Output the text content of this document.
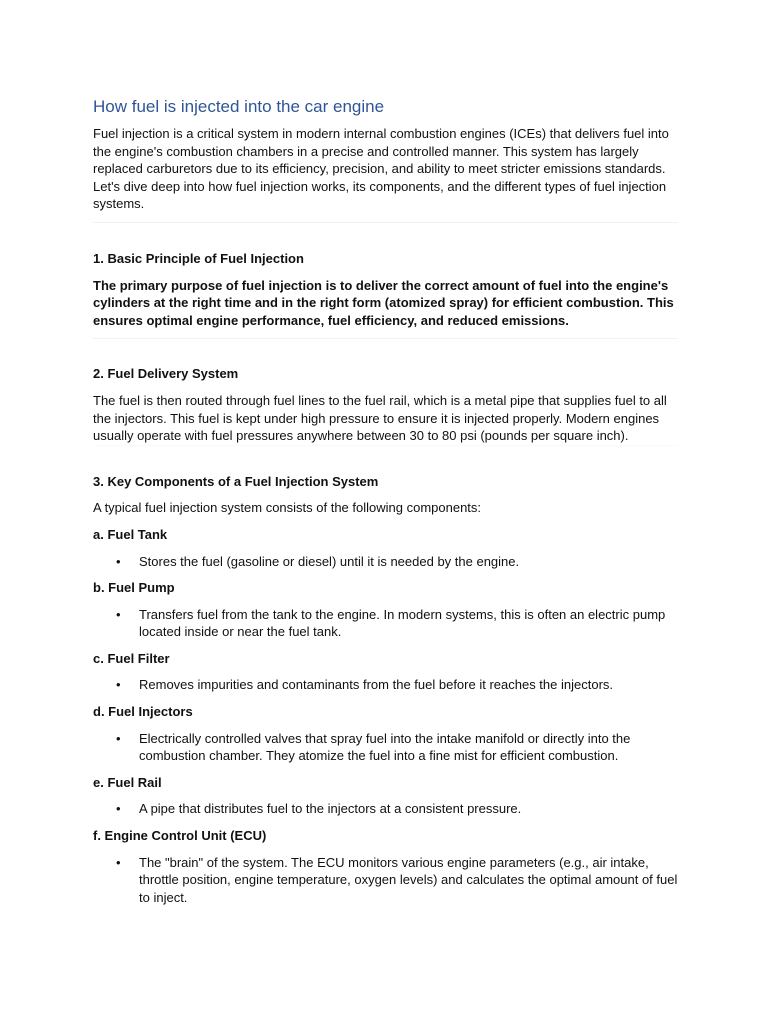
How fuel is injected into the car engine

Fuel injection is a critical system in modern internal combustion engines (ICEs) that delivers fuel into the engine's combustion chambers in a precise and controlled manner. This system has largely replaced carburetors due to its efficiency, precision, and ability to meet stricter emissions standards. Let's dive deep into how fuel injection works, its components, and the different types of fuel injection systems.

1. Basic Principle of Fuel Injection

The primary purpose of fuel injection is to deliver the correct amount of fuel into the engine's cylinders at the right time and in the right form (atomized spray) for efficient combustion. This ensures optimal engine performance, fuel efficiency, and reduced emissions.

2. Fuel Delivery System

The fuel is then routed through fuel lines to the fuel rail, which is a metal pipe that supplies fuel to all the injectors. This fuel is kept under high pressure to ensure it is injected properly. Modern engines usually operate with fuel pressures anywhere between 30 to 80 psi (pounds per square inch).

3. Key Components of a Fuel Injection System

A typical fuel injection system consists of the following components:

a. Fuel Tank

• Stores the fuel (gasoline or diesel) until it is needed by the engine.

b. Fuel Pump

• Transfers fuel from the tank to the engine. In modern systems, this is often an electric pump located inside or near the fuel tank.

c. Fuel Filter

• Removes impurities and contaminants from the fuel before it reaches the injectors.

d. Fuel Injectors

• Electrically controlled valves that spray fuel into the intake manifold or directly into the combustion chamber. They atomize the fuel into a fine mist for efficient combustion.

e. Fuel Rail

• A pipe that distributes fuel to the injectors at a consistent pressure.

f. Engine Control Unit (ECU)

• The "brain" of the system. The ECU monitors various engine parameters (e.g., air intake, throttle position, engine temperature, oxygen levels) and calculates the optimal amount of fuel to inject.
